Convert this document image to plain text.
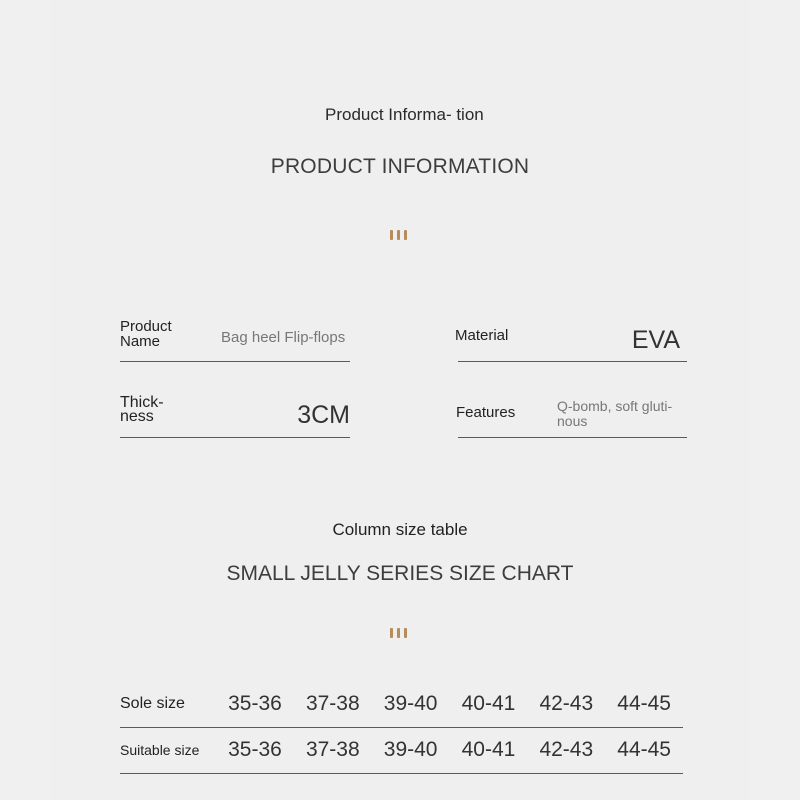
Product Informa- tion
PRODUCT INFORMATION
Product Name	Bag heel Flip-flops	Material	EVA
Thick- ness	3CM	Features	Q-bomb, soft gluti- nous
Column size table
SMALL JELLY SERIES SIZE CHART
Sole size	35-36	37-38	39-40	40-41	42-43	44-45
Suitable size	35-36	37-38	39-40	40-41	42-43	44-45
